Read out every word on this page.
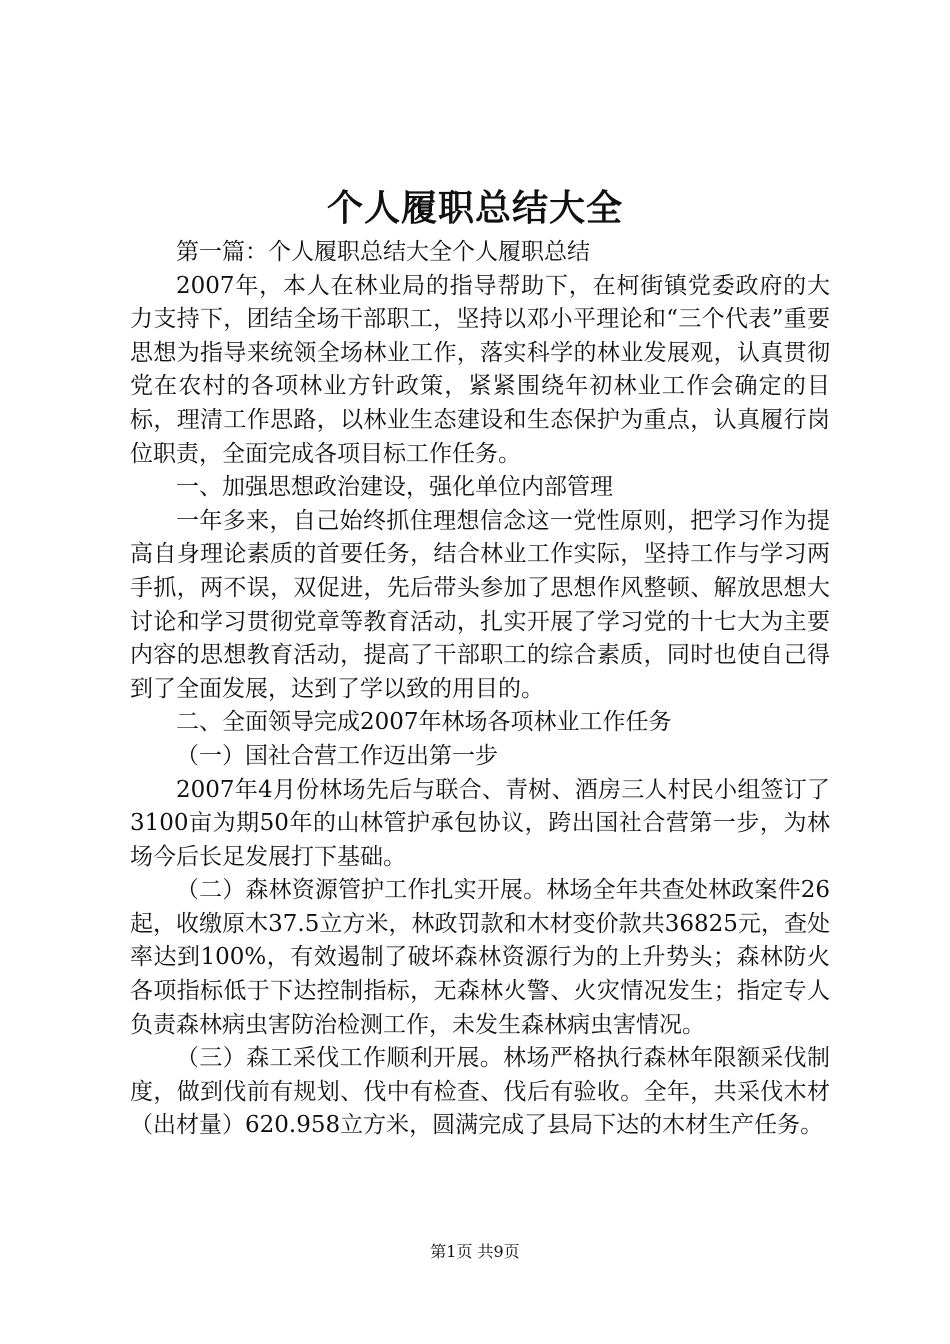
个人履职总结大全

第一篇：个人履职总结大全个人履职总结

2007年，本人在林业局的指导帮助下，在柯街镇党委政府的大力支持下，团结全场干部职工，坚持以邓小平理论和“三个代表”重要思想为指导来统领全场林业工作，落实科学的林业发展观，认真贯彻党在农村的各项林业方针政策，紧紧围绕年初林业工作会确定的目标，理清工作思路，以林业生态建设和生态保护为重点，认真履行岗位职责，全面完成各项目标工作任务。

一、加强思想政治建设，强化单位内部管理

一年多来，自己始终抓住理想信念这一党性原则，把学习作为提高自身理论素质的首要任务，结合林业工作实际，坚持工作与学习两手抓，两不误，双促进，先后带头参加了思想作风整顿、解放思想大讨论和学习贯彻党章等教育活动，扎实开展了学习党的十七大为主要内容的思想教育活动，提高了干部职工的综合素质，同时也使自己得到了全面发展，达到了学以致的用目的。

二、全面领导完成2007年林场各项林业工作任务

（一）国社合营工作迈出第一步

2007年4月份林场先后与联合、青树、酒房三人村民小组签订了3100亩为期50年的山林管护承包协议，跨出国社合营第一步，为林场今后长足发展打下基础。

（二）森林资源管护工作扎实开展。林场全年共查处林政案件26起，收缴原木37.5立方米，林政罚款和木材变价款共36825元，查处率达到100%，有效遏制了破坏森林资源行为的上升势头；森林防火各项指标低于下达控制指标，无森林火警、火灾情况发生；指定专人负责森林病虫害防治检测工作，未发生森林病虫害情况。

（三）森工采伐工作顺利开展。林场严格执行森林年限额采伐制度，做到伐前有规划、伐中有检查、伐后有验收。全年，共采伐木材（出材量）620.958立方米，圆满完成了县局下达的木材生产任务。

第1页 共9页
